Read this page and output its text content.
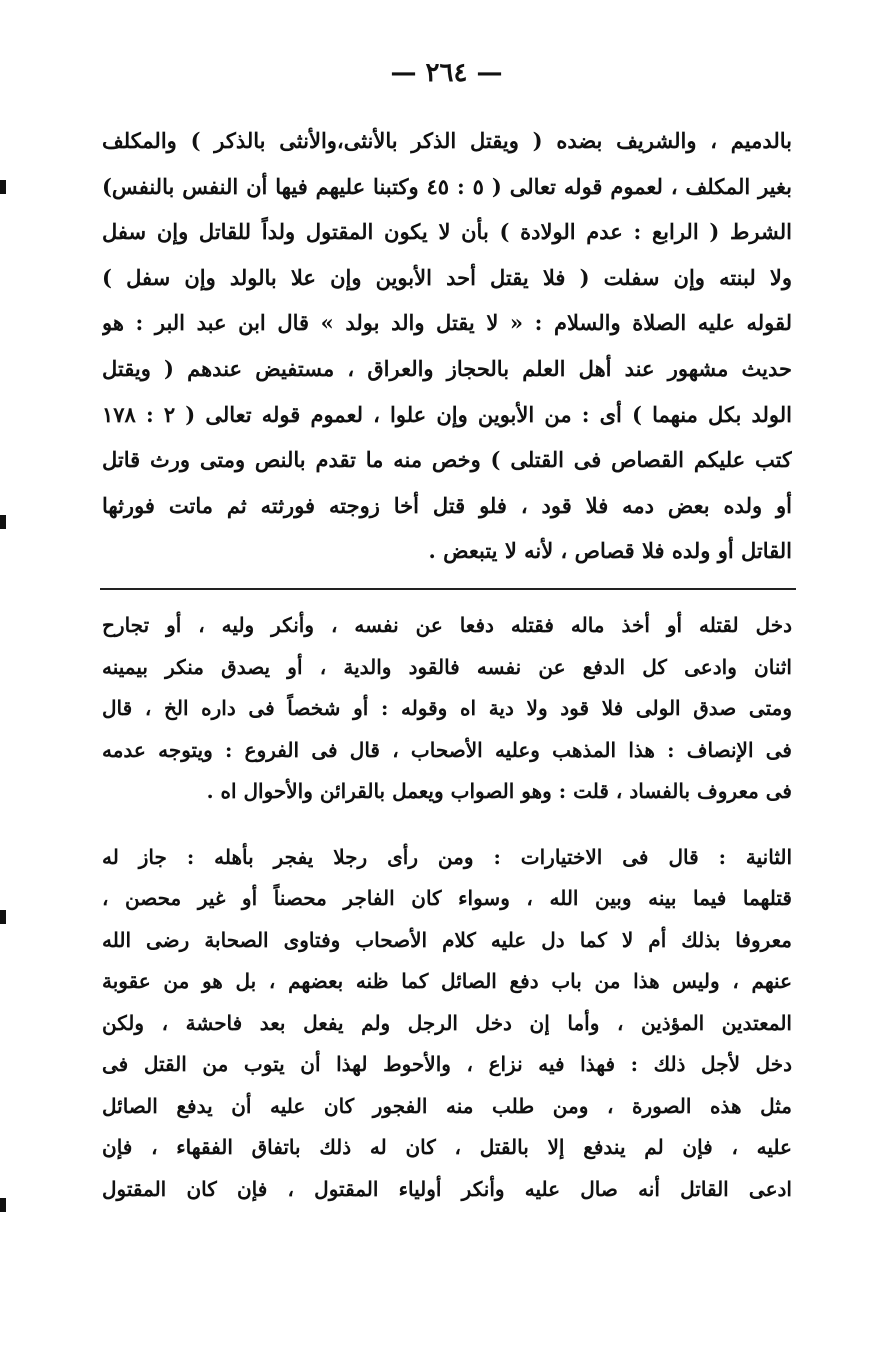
— ٢٦٤ —
بالدميم ، والشريف بضده ( ويقتل الذكر بالأنثى،والأنثى بالذكر ) والمكلف
بغير المكلف ، لعموم قوله تعالى ( ٥ : ٤٥ وكتبنا عليهم فيها أن النفس بالنفس)
الشرط ( الرابع : عدم الولادة ) بأن لا يكون المقتول ولداً للقاتل وإن سفل
ولا لبنته وإن سفلت ( فلا يقتل أحد الأبوين وإن علا بالولد وإن سفل )
لقوله عليه الصلاة والسلام : « لا يقتل والد بولد » قال ابن عبد البر : هو
حديث مشهور عند أهل العلم بالحجاز والعراق ، مستفيض عندهم ( ويقتل
الولد بكل منهما ) أى : من الأبوين وإن علوا ، لعموم قوله تعالى ( ٢ : ١٧٨
كتب عليكم القصاص فى القتلى ) وخص منه ما تقدم بالنص ومتى ورث قاتل
أو ولده بعض دمه فلا قود ، فلو قتل أخا زوجته فورثته ثم ماتت فورثها
القاتل أو ولده فلا قصاص ، لأنه لا يتبعض .
دخل لقتله أو أخذ ماله فقتله دفعا عن نفسه ، وأنكر وليه ، أو تجارح
اثنان وادعى كل الدفع عن نفسه فالقود والدية ، أو يصدق منكر بيمينه
ومتى صدق الولى فلا قود ولا دية اه وقوله : أو شخصاً فى داره الخ ، قال
فى الإنصاف : هذا المذهب وعليه الأصحاب ، قال فى الفروع : ويتوجه عدمه
فى معروف بالفساد ، قلت : وهو الصواب ويعمل بالقرائن والأحوال اه .
الثانية : قال فى الاختيارات : ومن رأى رجلا يفجر بأهله : جاز له
قتلهما فيما بينه وبين الله ، وسواء كان الفاجر محصناً أو غير محصن ،
معروفا بذلك أم لا كما دل عليه كلام الأصحاب وفتاوى الصحابة رضى الله
عنهم ، وليس هذا من باب دفع الصائل كما ظنه بعضهم ، بل هو من عقوبة
المعتدين المؤذين ، وأما إن دخل الرجل ولم يفعل بعد فاحشة ، ولكن
دخل لأجل ذلك : فهذا فيه نزاع ، والأحوط لهذا أن يتوب من القتل فى
مثل هذه الصورة ، ومن طلب منه الفجور كان عليه أن يدفع الصائل
عليه ، فإن لم يندفع إلا بالقتل ، كان له ذلك باتفاق الفقهاء ، فإن
ادعى القاتل أنه صال عليه وأنكر أولياء المقتول ، فإن كان المقتول
